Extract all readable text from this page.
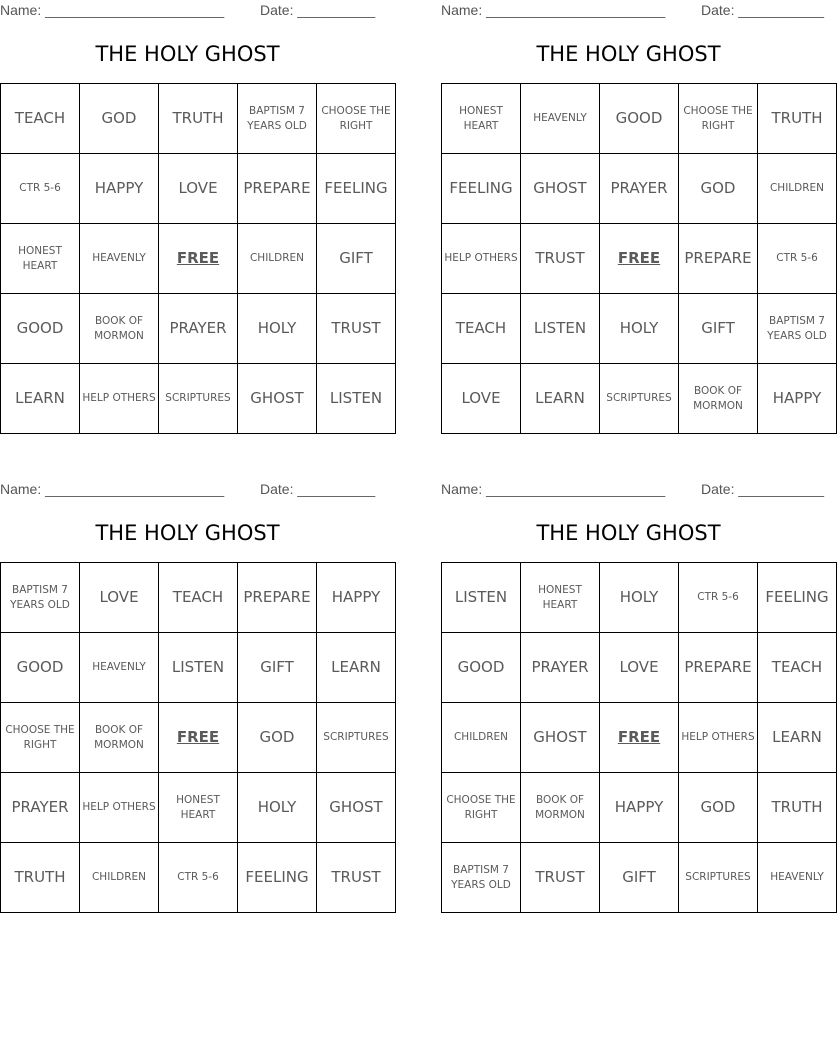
Name: _______________________	Date: __________
THE HOLY GHOST
TEACH	GOD	TRUTH	BAPTISM 7 YEARS OLD	CHOOSE THE RIGHT
CTR 5-6	HAPPY	LOVE	PREPARE	FEELING
HONEST HEART	HEAVENLY	FREE	CHILDREN	GIFT
GOOD	BOOK OF MORMON	PRAYER	HOLY	TRUST
LEARN	HELP OTHERS	SCRIPTURES	GHOST	LISTEN
Name: _______________________	Date: ___________
THE HOLY GHOST
HONEST HEART	HEAVENLY	GOOD	CHOOSE THE RIGHT	TRUTH
FEELING	GHOST	PRAYER	GOD	CHILDREN
HELP OTHERS	TRUST	FREE	PREPARE	CTR 5-6
TEACH	LISTEN	HOLY	GIFT	BAPTISM 7 YEARS OLD
LOVE	LEARN	SCRIPTURES	BOOK OF MORMON	HAPPY
Name: _______________________	Date: __________
THE HOLY GHOST
BAPTISM 7 YEARS OLD	LOVE	TEACH	PREPARE	HAPPY
GOOD	HEAVENLY	LISTEN	GIFT	LEARN
CHOOSE THE RIGHT	BOOK OF MORMON	FREE	GOD	SCRIPTURES
PRAYER	HELP OTHERS	HONEST HEART	HOLY	GHOST
TRUTH	CHILDREN	CTR 5-6	FEELING	TRUST
Name: _______________________	Date: ___________
THE HOLY GHOST
LISTEN	HONEST HEART	HOLY	CTR 5-6	FEELING
GOOD	PRAYER	LOVE	PREPARE	TEACH
CHILDREN	GHOST	FREE	HELP OTHERS	LEARN
CHOOSE THE RIGHT	BOOK OF MORMON	HAPPY	GOD	TRUTH
BAPTISM 7 YEARS OLD	TRUST	GIFT	SCRIPTURES	HEAVENLY
